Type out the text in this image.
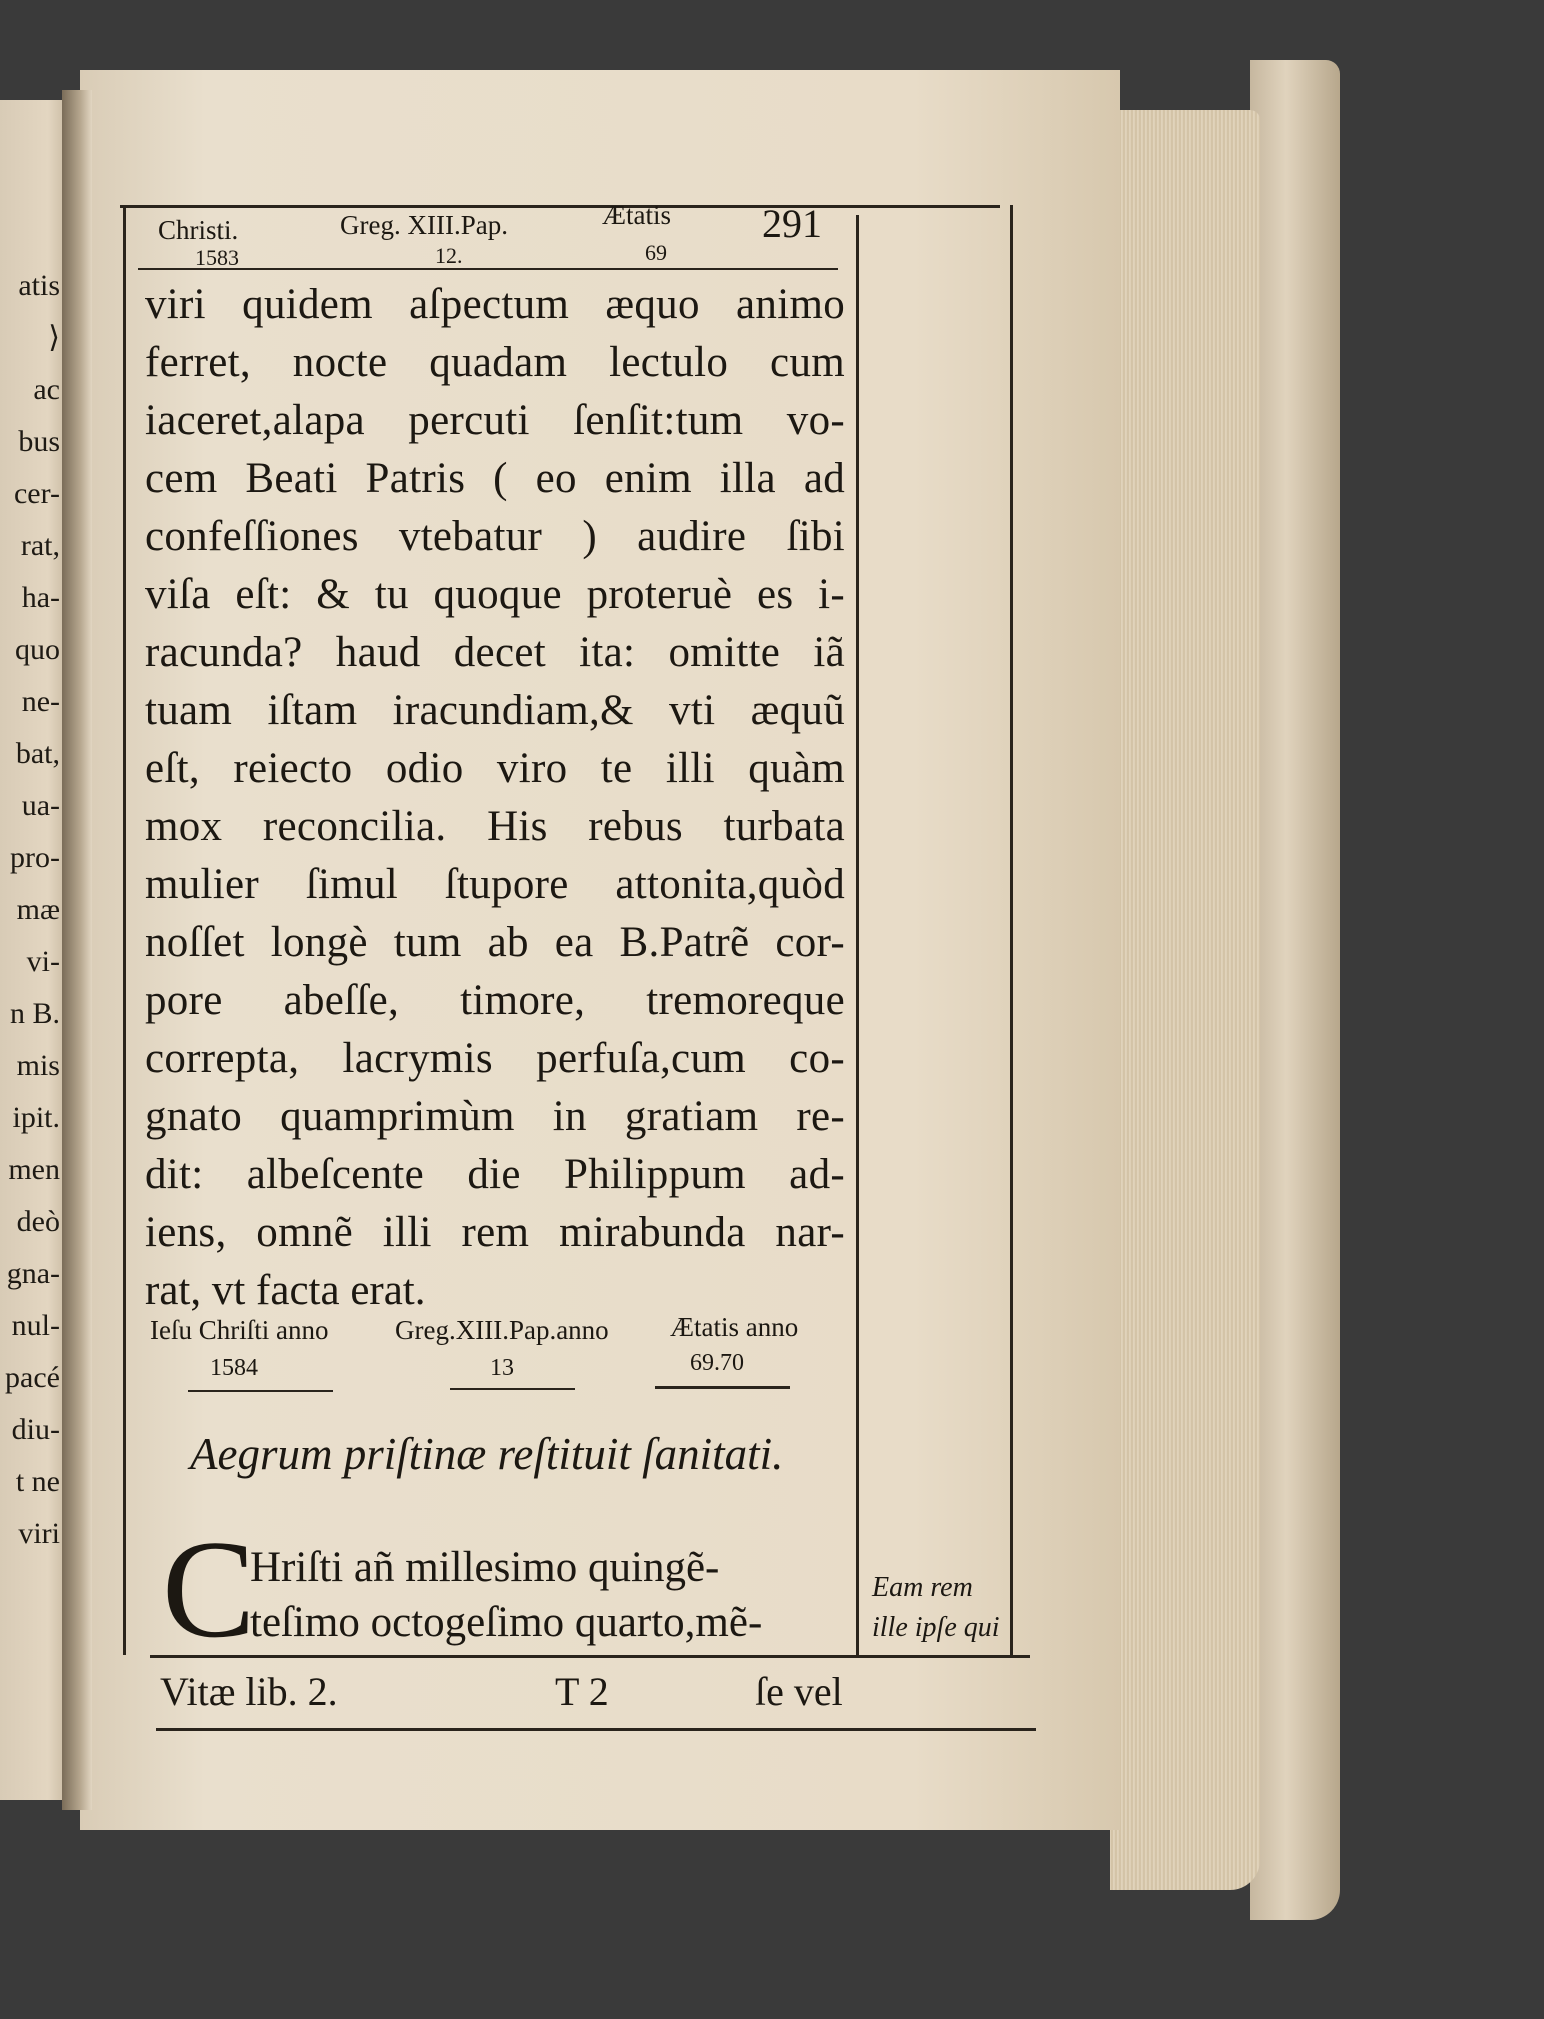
atis
⟩
ac
bus
cer-
rat,
ha-
quo
ne-
bat,
ua-
pro-
mæ
vi-
n B.
mis
ipit.
men
deò
gna-
nul-
pacé
diu-
t ne
viri
Christi.
1583
Greg. XIII.Pap.
12.
Ætatis
69
291
viri quidem aſpectum æquo animo
ferret, nocte quadam lectulo cum
iaceret,alapa percuti ſenſit:tum vo-
cem Beati Patris ( eo enim illa ad
confeſſiones vtebatur ) audire ſibi
viſa eſt: & tu quoque proteruè es i-
racunda? haud decet ita: omitte iã
tuam iſtam iracundiam,& vti æquũ
eſt, reiecto odio viro te illi quàm
mox reconcilia. His rebus turbata
mulier ſimul ſtupore attonita,quòd
noſſet longè tum ab ea B.Patrẽ cor-
pore abeſſe, timore, tremoreque
correpta, lacrymis perfuſa,cum co-
gnato quamprimùm in gratiam re-
dit: albeſcente die Philippum ad-
iens, omnẽ illi rem mirabunda nar-
rat, vt facta erat.
Ieſu Chriſti anno
1584
Greg.XIII.Pap.anno
13
Ætatis anno
69.70
Aegrum priſtinæ reſtituit ſanitati.
C
Hriſti añ millesimo quingẽ-
teſimo octogeſimo quarto,mẽ-
Eam rem
ille ipſe qui
Vitæ lib. 2.	T 2	ſe vel
